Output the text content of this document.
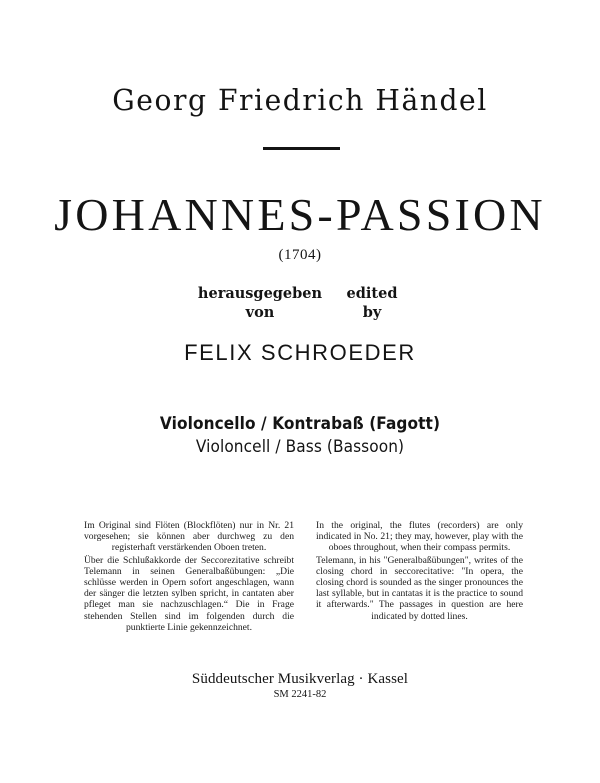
Georg Friedrich Händel
JOHANNES-PASSION
(1704)
herausgegeben
von
edited
by
FELIX SCHROEDER
Violoncello / Kontrabaß (Fagott)
Violoncell / Bass (Bassoon)

Im Original sind Flöten (Blockflöten) nur in Nr. 21 vorgesehen; sie können aber durchweg zu den registerhaft verstärkenden Oboen treten.

Über die Schlußakkorde der Seccorezitative schreibt Telemann in seinen Generalbaßübungen: „Die schlüsse werden in Opern sofort angeschlagen, wann der sänger die letzten sylben spricht, in cantaten aber pfleget man sie nachzuschlagen.“ Die in Frage stehenden Stellen sind im folgenden durch die punktierte Linie gekennzeichnet.

In the original, the flutes (recorders) are only indicated in No. 21; they may, however, play with the oboes throughout, when their compass permits.

Telemann, in his "Generalbaßübungen", writes of the closing chord in seccorecitative: "In opera, the closing chord is sounded as the singer pronounces the last syllable, but in cantatas it is the practice to sound it afterwards." The passages in question are here indicated by dotted lines.

Süddeutscher Musikverlag · Kassel
SM 2241-82
